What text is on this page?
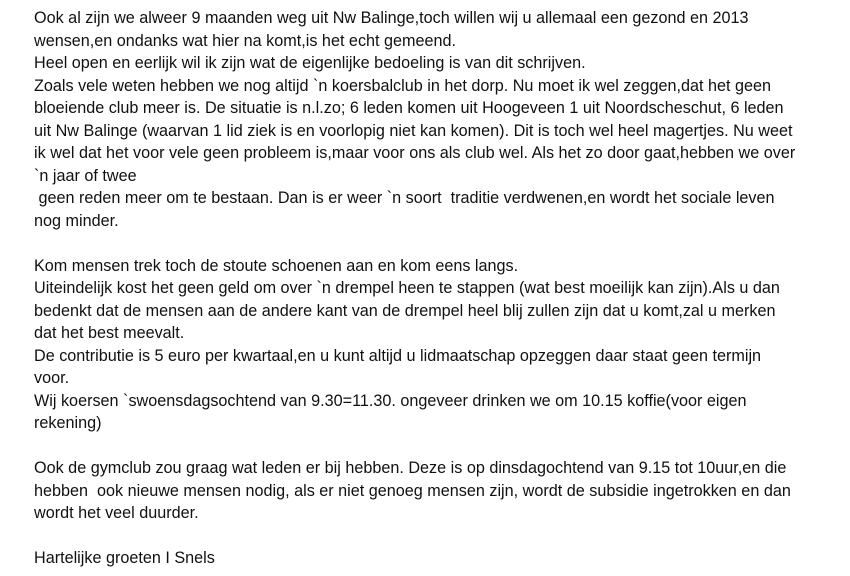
Ook al zijn we alweer 9 maanden weg uit Nw Balinge,toch willen wij u allemaal een gezond en 2013
wensen,en ondanks wat hier na komt,is het echt gemeend.
Heel open en eerlijk wil ik zijn wat de eigenlijke bedoeling is van dit schrijven.
Zoals vele weten hebben we nog altijd `n koersbalclub in het dorp. Nu moet ik wel zeggen,dat het geen
bloeiende club meer is. De situatie is n.l.zo; 6 leden komen uit Hoogeveen 1 uit Noordscheschut, 6 leden
uit Nw Balinge (waarvan 1 lid ziek is en voorlopig niet kan komen). Dit is toch wel heel magertjes. Nu weet
ik wel dat het voor vele geen probleem is,maar voor ons als club wel. Als het zo door gaat,hebben we over
`n jaar of twee
geen reden meer om te bestaan. Dan is er weer `n soort  traditie verdwenen,en wordt het sociale leven
nog minder.
Kom mensen trek toch de stoute schoenen aan en kom eens langs.
Uiteindelijk kost het geen geld om over `n drempel heen te stappen (wat best moeilijk kan zijn).Als u dan
bedenkt dat de mensen aan de andere kant van de drempel heel blij zullen zijn dat u komt,zal u merken
dat het best meevalt.
De contributie is 5 euro per kwartaal,en u kunt altijd u lidmaatschap opzeggen daar staat geen termijn
voor.
Wij koersen `swoensdagsochtend van 9.30=11.30. ongeveer drinken we om 10.15 koffie(voor eigen
rekening)
Ook de gymclub zou graag wat leden er bij hebben. Deze is op dinsdagochtend van 9.15 tot 10uur,en die
hebben  ook nieuwe mensen nodig, als er niet genoeg mensen zijn, wordt de subsidie ingetrokken en dan
wordt het veel duurder.
Hartelijke groeten I Snels
